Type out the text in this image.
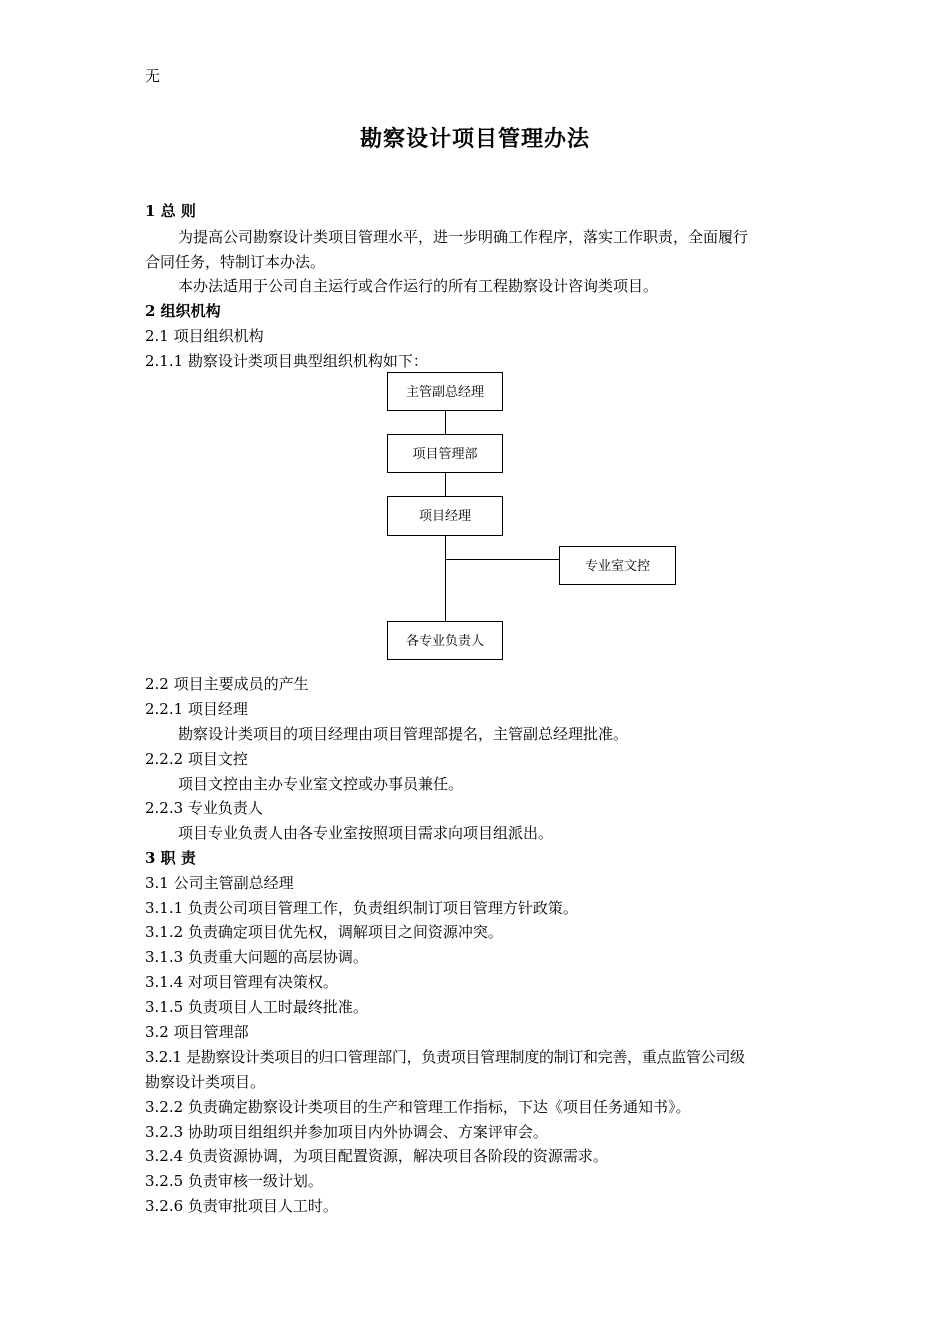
无
勘察设计项目管理办法
1 总 则
为提高公司勘察设计类项目管理水平，进一步明确工作程序，落实工作职责，全面履行
合同任务，特制订本办法。
本办法适用于公司自主运行或合作运行的所有工程勘察设计咨询类项目。
2 组织机构
2.1 项目组织机构
2.1.1 勘察设计类项目典型组织机构如下：
主管副总经理
项目管理部
项目经理
专业室文控
各专业负责人
2.2 项目主要成员的产生
2.2.1 项目经理
勘察设计类项目的项目经理由项目管理部提名，主管副总经理批准。
2.2.2 项目文控
项目文控由主办专业室文控或办事员兼任。
2.2.3 专业负责人
项目专业负责人由各专业室按照项目需求向项目组派出。
3 职 责
3.1 公司主管副总经理
3.1.1 负责公司项目管理工作，负责组织制订项目管理方针政策。
3.1.2 负责确定项目优先权，调解项目之间资源冲突。
3.1.3 负责重大问题的高层协调。
3.1.4 对项目管理有决策权。
3.1.5 负责项目人工时最终批准。
3.2 项目管理部
3.2.1 是勘察设计类项目的归口管理部门，负责项目管理制度的制订和完善，重点监管公司级
勘察设计类项目。
3.2.2 负责确定勘察设计类项目的生产和管理工作指标，下达《项目任务通知书》。
3.2.3 协助项目组组织并参加项目内外协调会、方案评审会。
3.2.4 负责资源协调，为项目配置资源，解决项目各阶段的资源需求。
3.2.5 负责审核一级计划。
3.2.6 负责审批项目人工时。
